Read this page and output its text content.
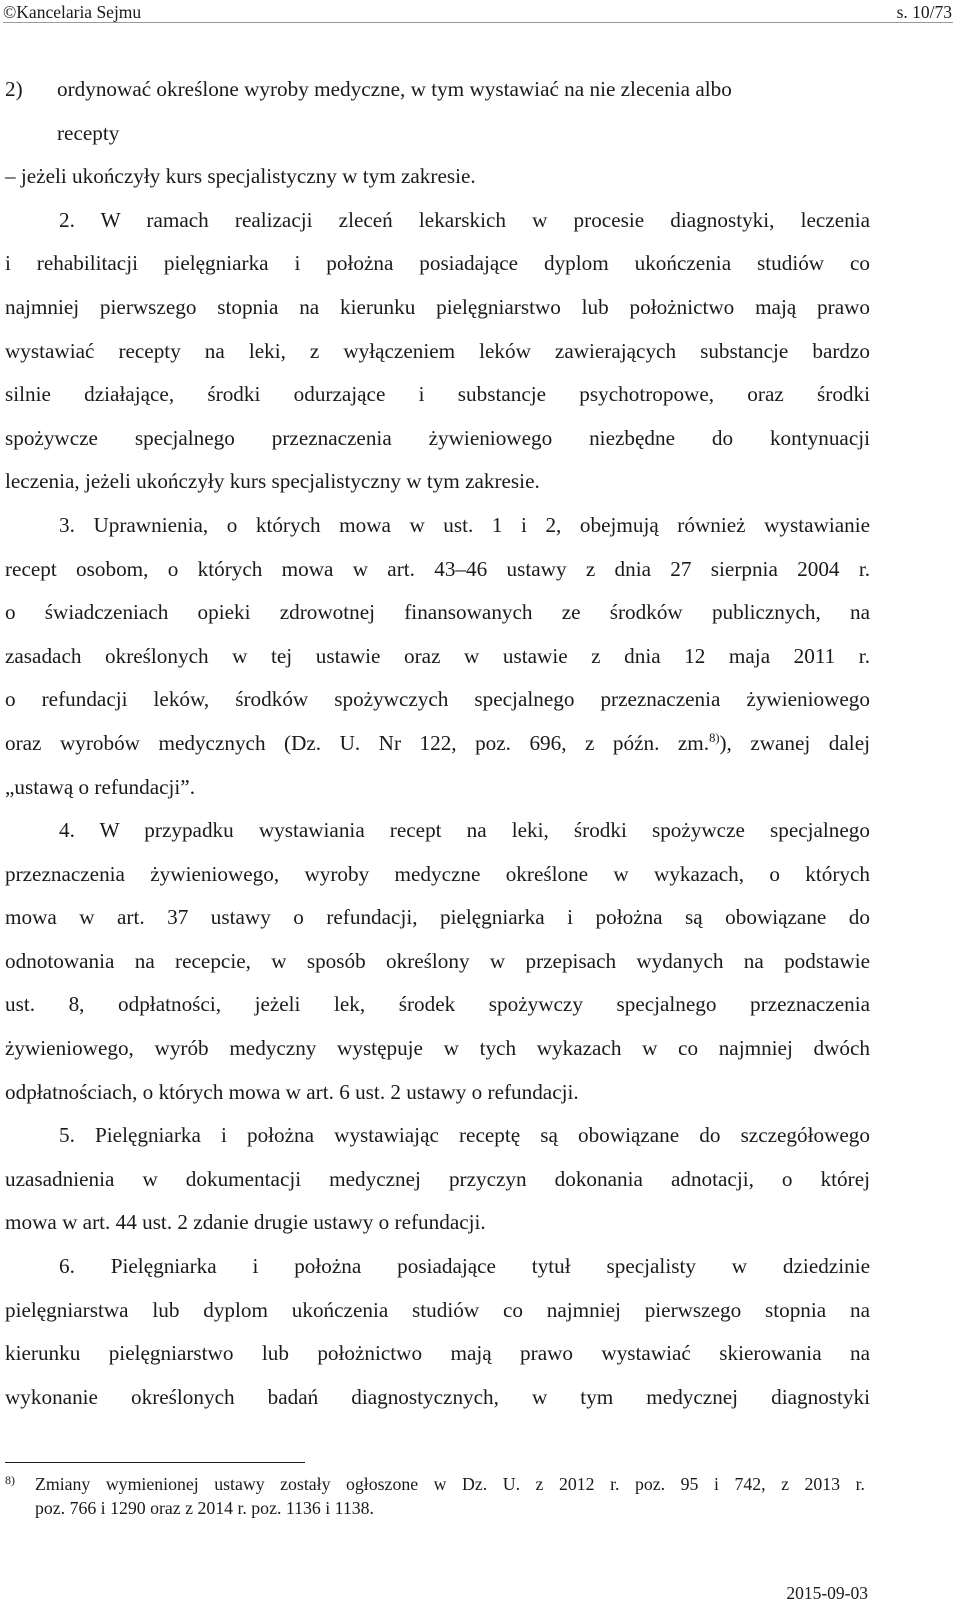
©Kancelaria Sejmu	s. 10/73
2) ordynować określone wyroby medyczne, w tym wystawiać na nie zlecenia albo
recepty
– jeżeli ukończyły kurs specjalistyczny w tym zakresie.
2. W ramach realizacji zleceń lekarskich w procesie diagnostyki, leczenia
i rehabilitacji pielęgniarka i położna posiadające dyplom ukończenia studiów co
najmniej pierwszego stopnia na kierunku pielęgniarstwo lub położnictwo mają prawo
wystawiać recepty na leki, z wyłączeniem leków zawierających substancje bardzo
silnie działające, środki odurzające i substancje psychotropowe, oraz środki
spożywcze specjalnego przeznaczenia żywieniowego niezbędne do kontynuacji
leczenia, jeżeli ukończyły kurs specjalistyczny w tym zakresie.
3. Uprawnienia, o których mowa w ust. 1 i 2, obejmują również wystawianie
recept osobom, o których mowa w art. 43–46 ustawy z dnia 27 sierpnia 2004 r.
o świadczeniach opieki zdrowotnej finansowanych ze środków publicznych, na
zasadach określonych w tej ustawie oraz w ustawie z dnia 12 maja 2011 r.
o refundacji leków, środków spożywczych specjalnego przeznaczenia żywieniowego
oraz wyrobów medycznych (Dz. U. Nr 122, poz. 696, z późn. zm.$^{8)}$), zwanej dalej
„ustawą o refundacji”.
4. W przypadku wystawiania recept na leki, środki spożywcze specjalnego
przeznaczenia żywieniowego, wyroby medyczne określone w wykazach, o których
mowa w art. 37 ustawy o refundacji, pielęgniarka i położna są obowiązane do
odnotowania na recepcie, w sposób określony w przepisach wydanych na podstawie
ust. 8, odpłatności, jeżeli lek, środek spożywczy specjalnego przeznaczenia
żywieniowego, wyrób medyczny występuje w tych wykazach w co najmniej dwóch
odpłatnościach, o których mowa w art. 6 ust. 2 ustawy o refundacji.
5. Pielęgniarka i położna wystawiając receptę są obowiązane do szczegółowego
uzasadnienia w dokumentacji medycznej przyczyn dokonania adnotacji, o której
mowa w art. 44 ust. 2 zdanie drugie ustawy o refundacji.
6. Pielęgniarka i położna posiadające tytuł specjalisty w dziedzinie
pielęgniarstwa lub dyplom ukończenia studiów co najmniej pierwszego stopnia na
kierunku pielęgniarstwo lub położnictwo mają prawo wystawiać skierowania na
wykonanie określonych badań diagnostycznych, w tym medycznej diagnostyki
8) Zmiany wymienionej ustawy zostały ogłoszone w Dz. U. z 2012 r. poz. 95 i 742, z 2013 r.
poz. 766 i 1290 oraz z 2014 r. poz. 1136 i 1138.
2015-09-03
